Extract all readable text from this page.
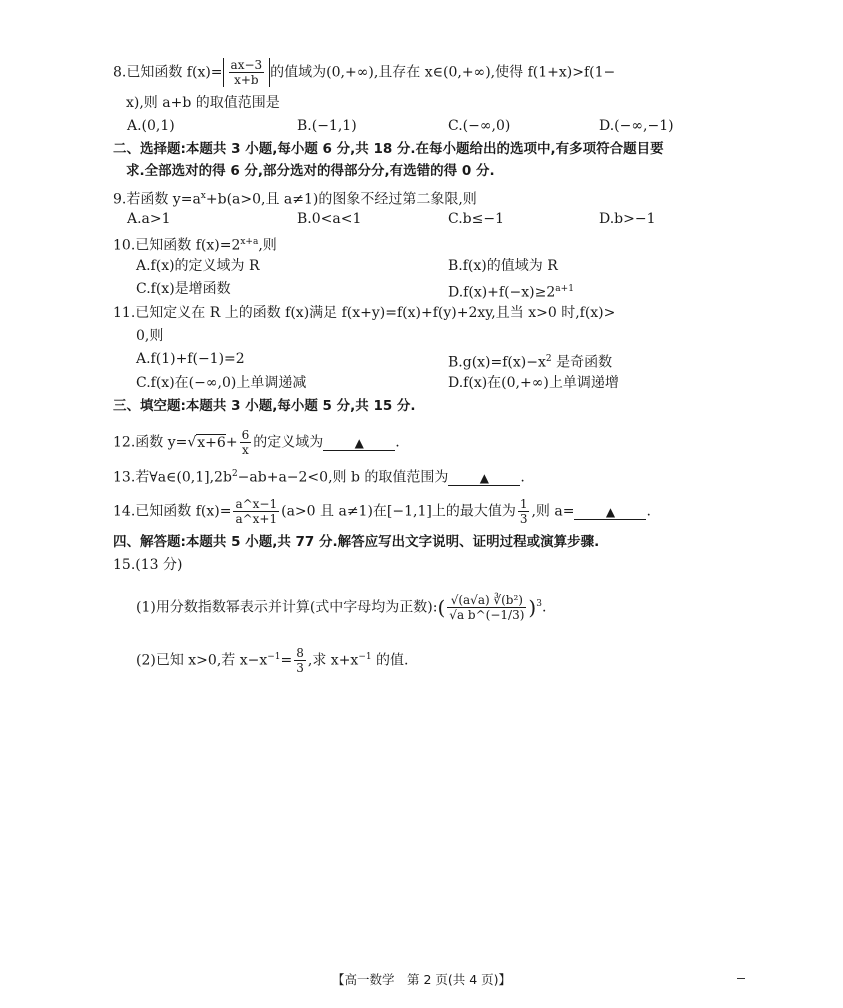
8.已知函数 $f(x)= \frac{ax-3}{x+b}$ 的值域为(0,+∞),且存在 x∈(0,+∞),使得 f(1+x)>f(1−
x),则 a+b 的取值范围是
A.(0,1)	B.(−1,1)	C.(−∞,0)	D.(−∞,−1)
二、选择题:本题共 3 小题,每小题 6 分,共 18 分.在每小题给出的选项中,有多项符合题目要
求.全部选对的得 6 分,部分选对的得部分分,有选错的得 0 分.
9.若函数 $y=a^x+b(a>0$,且 a≠1)的图象不经过第二象限,则
A.a>1	B.0<a<1	C.b≤−1	D.b>−1
10.已知函数 $f(x)=2^{x+a}$,则
A.f(x)的定义域为 R	B.f(x)的值域为 R
C.f(x)是增函数	$D.f(x)+f(-x)\ge 2^{a+1}$
11.已知定义在 R 上的函数 f(x)满足 f(x+y)=f(x)+f(y)+2xy,且当 x>0 时,f(x)>
0,则
A.f(1)+f(−1)=2	$B.g(x)=f(x)-x^2$ 是奇函数
C.f(x)在(−∞,0)上单调递减	D.f(x)在(0,+∞)上单调递增
三、填空题:本题共 3 小题,每小题 5 分,共 15 分.
12.函数 $y=√x+6+ \frac{6}{x}$ 的定义域为	▲ .
13.若$\forall a\in(0,1],2b^2-ab+a-2<0$,则 b 的取值范围为	▲ .
14.已知函数 $f(x)= \frac{a\^{}x-1}{a\^{}x+1} (a>0$ 且 a≠1)在[−1,1]上的最大值为 $\frac{1}{3}$ ,则 a=	▲ .
四、解答题:本题共 5 小题,共 77 分.解答应写出文字说明、证明过程或演算步骤.
15.(13 分)
(1)用分数指数幂表示并计算(式中字母均为正数):( $\frac{\text{√(a√a) ∛(b²)}}{\text{√a b\textasciicircum{}(−1/3)}} )^3$.
(2)已知 x>0,若 $x-x^{-1}= \frac{8}{3}$ ,求 $x+x^{-1}$ 的值.
【高一数学　第 2 页(共 4 页)】
